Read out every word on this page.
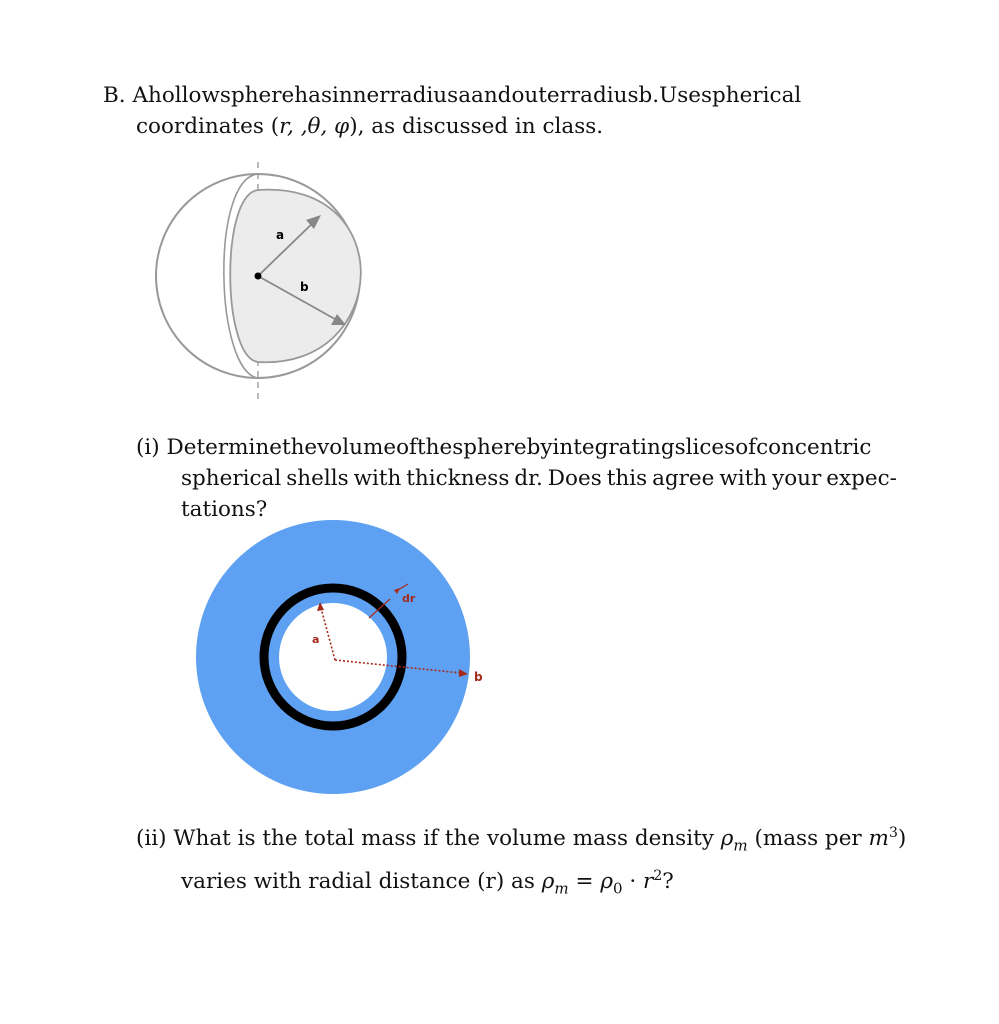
B. Ahollowspherehasinnerradiusaandouterradiusb.Usespherical
coordinates (r, ,θ, φ), as discussed in class.
a
b
(i) Determinethevolumeofthespherebyintegratingslicesofconcentric
spherical shells with thickness dr. Does this agree with your expec-
tations?
dr
a
b
(ii) What is the total mass if the volume mass density $\rho_m$ (mass per $m^3$)
varies with radial distance (r) as $\rho_m = \rho_0 \cdot r^2$?
